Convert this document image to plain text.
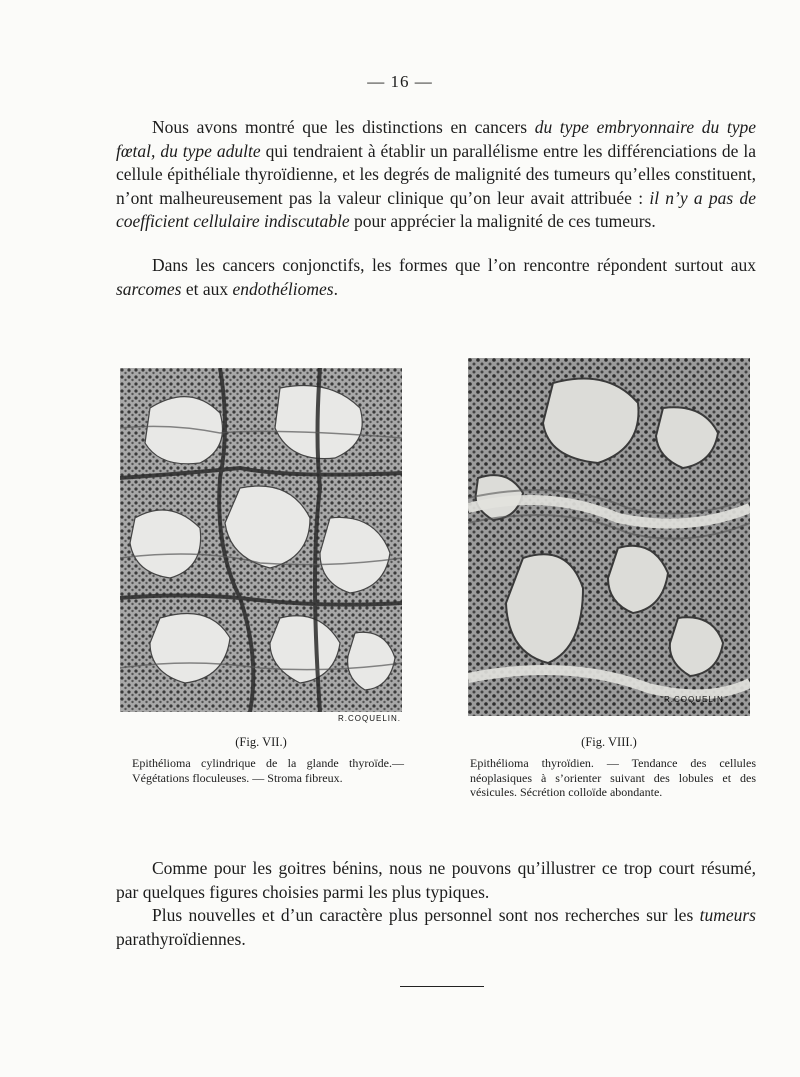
— 16 —

Nous avons montré que les distinctions en cancers du type embryonnaire du type fœtal, du type adulte qui tendraient à établir un parallélisme entre les différenciations de la cellule épithéliale thyroïdienne, et les degrés de malignité des tumeurs qu’elles constituent, n’ont malheureusement pas la valeur clinique qu’on leur avait attribuée : il n’y a pas de coefficient cellulaire indiscutable pour apprécier la malignité de ces tumeurs.

Dans les cancers conjonctifs, les formes que l’on rencontre répondent surtout aux sarcomes et aux endothéliomes.

R.COQUELIN.
(Fig. VII.)
Epithélioma cylindrique de la glande thyroïde.— Végétations floculeuses. — Stroma fibreux.
R.COQUELIN
(Fig. VIII.)
Epithélioma thyroïdien. — Tendance des cellules néoplasiques à s’orienter suivant des lobules et des vésicules. Sécrétion colloïde abondante.

Comme pour les goitres bénins, nous ne pouvons qu’illustrer ce trop court résumé, par quelques figures choisies parmi les plus typiques.

Plus nouvelles et d’un caractère plus personnel sont nos recherches sur les tumeurs parathyroïdiennes.
